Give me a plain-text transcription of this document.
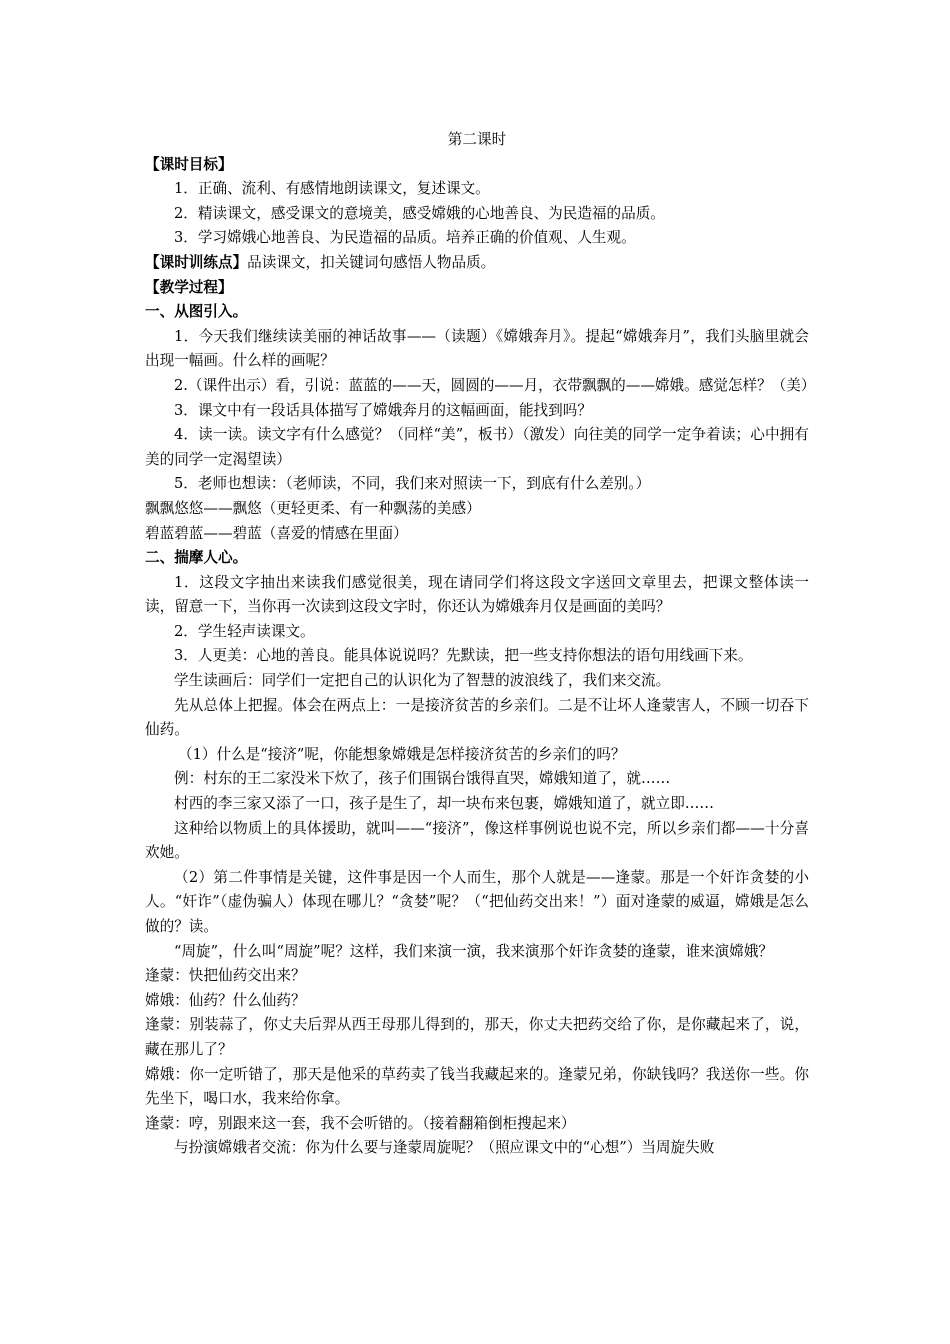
第二课时
【课时目标】
1．正确、流利、有感情地朗读课文，复述课文。
2．精读课文，感受课文的意境美，感受嫦娥的心地善良、为民造福的品质。
3．学习嫦娥心地善良、为民造福的品质。培养正确的价值观、人生观。
【课时训练点】品读课文，扣关键词句感悟人物品质。
【教学过程】
一、从图引入。
1．今天我们继续读美丽的神话故事——（读题）《嫦娥奔月》。提起“嫦娥奔月”，我们头脑里就会出现一幅画。什么样的画呢？
2.（课件出示）看，引说：蓝蓝的——天，圆圆的——月，衣带飘飘的——嫦娥。感觉怎样？（美）
3．课文中有一段话具体描写了嫦娥奔月的这幅画面，能找到吗？
4．读一读。读文字有什么感觉？（同样“美”，板书）（激发）向往美的同学一定争着读；心中拥有美的同学一定渴望读）
5．老师也想读：（老师读，不同，我们来对照读一下，到底有什么差别。）
飘飘悠悠——飘悠（更轻更柔、有一种飘荡的美感）
碧蓝碧蓝——碧蓝（喜爱的情感在里面）
二、揣摩人心。
1．这段文字抽出来读我们感觉很美，现在请同学们将这段文字送回文章里去，把课文整体读一读，留意一下，当你再一次读到这段文字时，你还认为嫦娥奔月仅是画面的美吗？
2．学生轻声读课文。
3．人更美：心地的善良。能具体说说吗？先默读，把一些支持你想法的语句用线画下来。
学生读画后：同学们一定把自己的认识化为了智慧的波浪线了，我们来交流。
先从总体上把握。体会在两点上：一是接济贫苦的乡亲们。二是不让坏人逢蒙害人，不顾一切吞下仙药。
（1）什么是“接济”呢，你能想象嫦娥是怎样接济贫苦的乡亲们的吗？
例：村东的王二家没米下炊了，孩子们围锅台饿得直哭，嫦娥知道了，就……
村西的李三家又添了一口，孩子是生了，却一块布来包裹，嫦娥知道了，就立即……
这种给以物质上的具体援助，就叫——“接济”，像这样事例说也说不完，所以乡亲们都——十分喜欢她。
（2）第二件事情是关键，这件事是因一个人而生，那个人就是——逢蒙。那是一个奸诈贪婪的小人。“奸诈”（虚伪骗人）体现在哪儿？“贪婪”呢？（“把仙药交出来！”）面对逢蒙的威逼，嫦娥是怎么做的？读。
“周旋”，什么叫“周旋”呢？这样，我们来演一演，我来演那个奸诈贪婪的逢蒙，谁来演嫦娥？
逢蒙：快把仙药交出来？
嫦娥：仙药？什么仙药？
逢蒙：别装蒜了，你丈夫后羿从西王母那儿得到的，那天，你丈夫把药交给了你，是你藏起来了，说，藏在那儿了？
嫦娥：你一定听错了，那天是他采的草药卖了钱当我藏起来的。逢蒙兄弟，你缺钱吗？我送你一些。你先坐下，喝口水，我来给你拿。
逢蒙：哼，别跟来这一套，我不会听错的。（接着翻箱倒柜搜起来）
与扮演嫦娥者交流：你为什么要与逢蒙周旋呢？（照应课文中的“心想”）当周旋失败
